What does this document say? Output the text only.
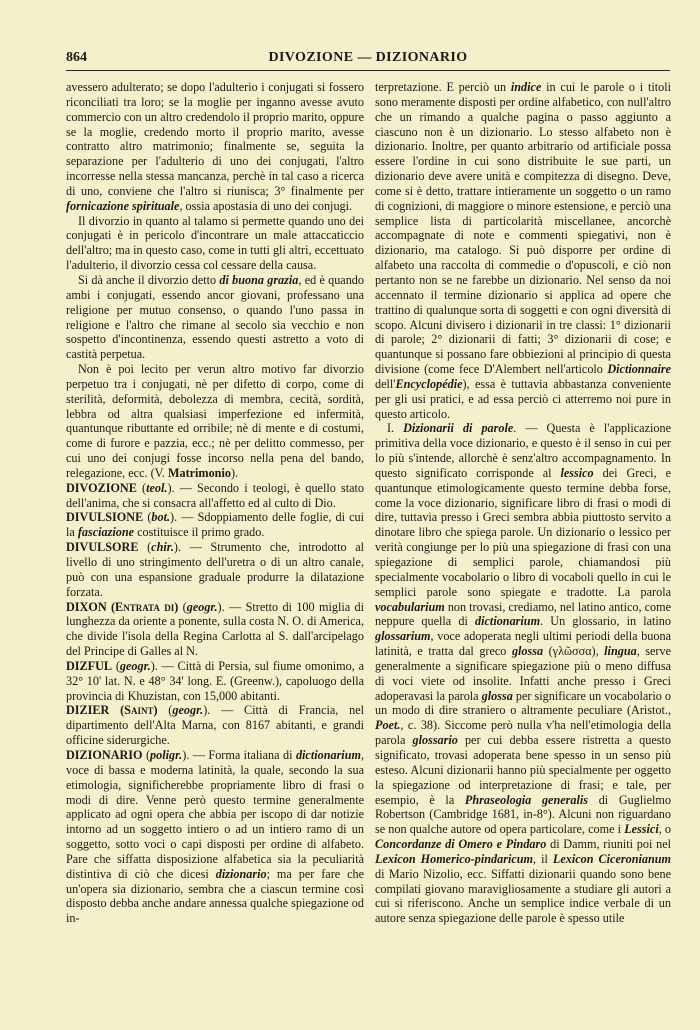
864	DIVOZIONE — DIZIONARIO

avessero adulterato; se dopo l'adulterio i conjugati si fossero riconciliati tra loro; se la moglie per inganno avesse avuto commercio con un altro credendolo il proprio marito, oppure se la moglie, credendo morto il proprio marito, avesse contratto altro matrimonio; finalmente se, seguita la separazione per l'adulterio di uno dei conjugati, l'altro incorresse nella stessa mancanza, perchè in tal caso a ricerca di uno, conviene che l'altro si riunisca; 3° finalmente per fornicazione spirituale, ossia apostasia di uno dei conjugi.

Il divorzio in quanto al talamo si permette quando uno dei conjugati è in pericolo d'incontrare un male attaccaticcio dell'altro; ma in questo caso, come in tutti gli altri, eccettuato l'adulterio, il divorzio cessa col cessare della causa.

Si dà anche il divorzio detto di buona grazia, ed è quando ambi i conjugati, essendo ancor giovani, professano una religione per mutuo consenso, o quando l'uno passa in religione e l'altro che rimane al secolo sia vecchio e non sospetto d'incontinenza, essendo questi astretto a voto di castità perpetua.

Non è poi lecito per verun altro motivo far divorzio perpetuo tra i conjugati, nè per difetto di corpo, come di sterilità, deformità, debolezza di membra, cecità, sordità, lebbra od altra qualsiasi imperfezione ed infermità, quantunque ributtante ed orribile; nè di mente e di costumi, come di furore e pazzia, ecc.; nè per delitto commesso, per cui uno dei conjugi fosse incorso nella pena del bando, relegazione, ecc. (V. Matrimonio).

DIVOZIONE (teol.). — Secondo i teologi, è quello stato dell'anima, che si consacra all'affetto ed al culto di Dio.

DIVULSIONE (bot.). — Sdoppiamento delle foglie, di cui la fasciazione costituisce il primo grado.

DIVULSORE (chir.). — Strumento che, introdotto al livello di uno stringimento dell'uretra o di un altro canale, può con una espansione graduale produrre la dilatazione forzata.

DIXON (Entrata di) (geogr.). — Stretto di 100 miglia di lunghezza da oriente a ponente, sulla costa N. O. di America, che divide l'isola della Regina Carlotta al S. dall'arcipelago del Principe di Galles al N.

DIZFUL (geogr.). — Città di Persia, sul fiume omonimo, a 32° 10' lat. N. e 48° 34' long. E. (Greenw.), capoluogo della provincia di Khuzistan, con 15,000 abitanti.

DIZIER (Saint) (geogr.). — Città di Francia, nel dipartimento dell'Alta Marna, con 8167 abitanti, e grandi officine siderurgiche.

DIZIONARIO (poligr.). — Forma italiana di dictionarium, voce di bassa e moderna latinità, la quale, secondo la sua etimologia, significherebbe propriamente libro di frasi o modi di dire. Venne però questo termine generalmente applicato ad ogni opera che abbia per iscopo di dar notizie intorno ad un soggetto intiero o ad un intiero ramo di un soggetto, sotto voci o capi disposti per ordine di alfabeto. Pare che siffatta disposizione alfabetica sia la peculiarità distintiva di ciò che dicesi dizionario; ma per fare che un'opera sia dizionario, sembra che a ciascun termine così disposto debba anche andare annessa qualche spiegazione od in-

terpretazione. E perciò un indice in cui le parole o i titoli sono meramente disposti per ordine alfabetico, con null'altro che un rimando a qualche pagina o passo aggiunto a ciascuno non è un dizionario. Lo stesso alfabeto non è dizionario. Inoltre, per quanto arbitrario od artificiale possa essere l'ordine in cui sono distribuite le sue parti, un dizionario deve avere unità e compitezza di disegno. Deve, come si è detto, trattare intieramente un soggetto o un ramo di cognizioni, di maggiore o minore estensione, e perciò una semplice lista di particolarità miscellanee, ancorchè accompagnate di note e commenti spiegativi, non è dizionario, ma catalogo. Si può disporre per ordine di alfabeto una raccolta di commedie o d'opuscoli, e ciò non pertanto non se ne farebbe un dizionario. Nel senso da noi accennato il termine dizionario si applica ad opere che trattino di qualunque sorta di soggetti e con ogni diversità di scopo. Alcuni divisero i dizionarii in tre classi: 1° dizionarii di parole; 2° dizionarii di fatti; 3° dizionarii di cose; e quantunque si possano fare obbiezioni al principio di questa divisione (come fece D'Alembert nell'articolo Dictionnaire dell'Encyclopédie), essa è tuttavia abbastanza conveniente per gli usi pratici, e ad essa perciò ci atterremo noi pure in questo articolo.

I. Dizionarii di parole. — Questa è l'applicazione primitiva della voce dizionario, e questo è il senso in cui per lo più s'intende, allorchè è senz'altro accompagnamento. In questo significato corrisponde al lessico dei Greci, e quantunque etimologicamente questo termine debba forse, come la voce dizionario, significare libro di frasi o modi di dire, tuttavia presso i Greci sembra abbia piuttosto servito a dinotare libro che spiega parole. Un dizionario o lessico per verità congiunge per lo più una spiegazione di frasi con una spiegazione di semplici parole, chiamandosi più specialmente vocabolario o libro di vocaboli quello in cui le semplici parole sono spiegate e tradotte. La parola vocabularium non trovasi, crediamo, nel latino antico, come neppure quella di dictionarium. Un glossario, in latino glossarium, voce adoperata negli ultimi periodi della buona latinità, e tratta dal greco glossa (γλῶσσα), lingua, serve generalmente a significare spiegazione più o meno diffusa di voci viete od insolite. Infatti anche presso i Greci adoperavasi la parola glossa per significare un vocabolario o un modo di dire straniero o altramente peculiare (Aristot., Poet., c. 38). Siccome però nulla v'ha nell'etimologia della parola glossario per cui debba essere ristretta a questo significato, trovasi adoperata bene spesso in un senso più esteso. Alcuni dizionarii hanno più specialmente per oggetto la spiegazione od interpretazione di frasi; e tale, per esempio, è la Phraseologia generalis di Guglielmo Robertson (Cambridge 1681, in-8°). Alcuni non riguardano se non qualche autore od opera particolare, come i Lessici, o Concordanze di Omero e Pindaro di Damm, riuniti poi nel Lexicon Homerico-pindaricum, il Lexicon Ciceronianum di Mario Nizolio, ecc. Siffatti dizionarii quando sono bene compilati giovano maravigliosamente a studiare gli autori a cui si riferiscono. Anche un semplice indice verbale di un autore senza spiegazione delle parole è spesso utile
